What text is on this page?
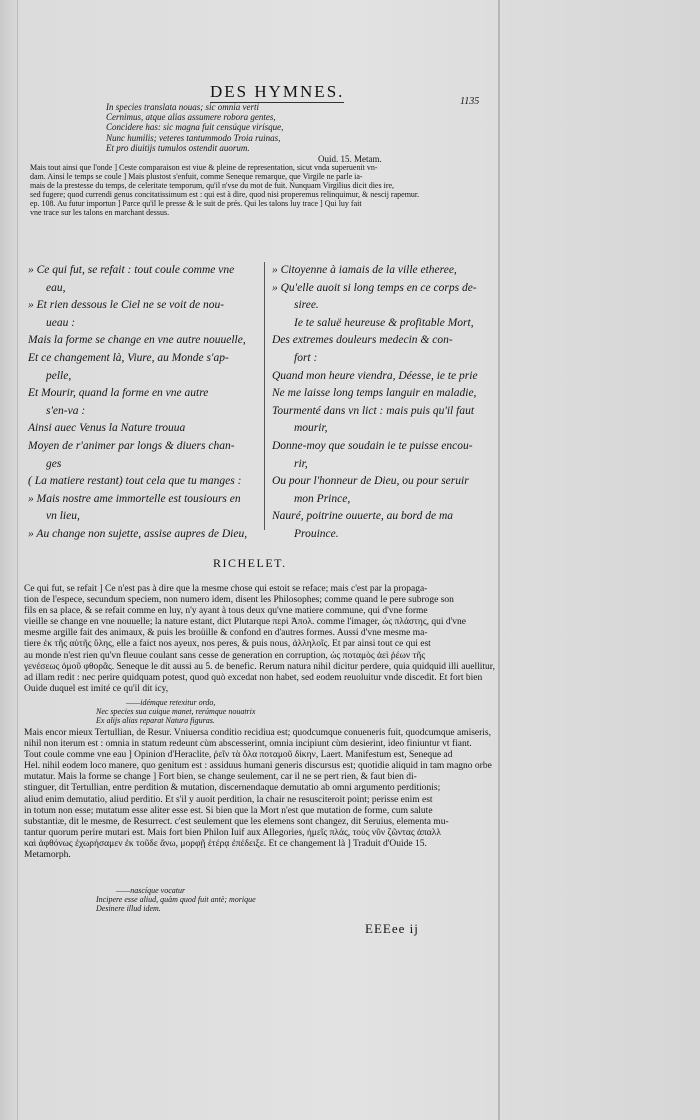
DES HYMNES.
1135
In species translata nouas; sic omnia verti
Cernimus, atque alias assumere robora gentes,
Concidere has: sic magna fuit censúque virísque,
Nunc humilis; veteres tantummodo Troia ruinas,
Et pro diuitijs tumulos ostendit auorum.
Ouid. 15. Metam.
Mais tout ainsi que l'onde ] Ceste comparaison est viue & pleine de representation, sicut vnda superuenit vn-
dam. Ainsi le temps se coule ] Mais plustost s'enfuit, comme Seneque remarque, que Virgile ne parle ia-
mais de la prestesse du temps, de celeritate temporum, qu'il n'vse du mot de fuit. Nunquam Virgilius dicit dies ire,
sed fugere; quod currendi genus concitatissimum est : qui est à dire, quod nisi properemus relinquimur, & nescij rapemur.
ep. 108. Au futur importun ] Parce qu'il le presse & le suit de prés. Qui les talons luy trace ] Qui luy fait
vne trace sur les talons en marchant dessus.
» Ce qui fut, se refait : tout coule comme vne
eau,
» Et rien dessous le Ciel ne se voit de nou-
ueau :
Mais la forme se change en vne autre nouuelle,
Et ce changement là, Viure, au Monde s'ap-
pelle,
Et Mourir, quand la forme en vne autre
s'en-va :
Ainsi auec Venus la Nature trouua
Moyen de r'animer par longs & diuers chan-
ges
( La matiere restant) tout cela que tu manges :
» Mais nostre ame immortelle est tousiours en
vn lieu,
» Au change non sujette, assise aupres de Dieu,
» Citoyenne à iamais de la ville etheree,
» Qu'elle auoit si long temps en ce corps de-
siree.
Ie te saluë heureuse & profitable Mort,
Des extremes douleurs medecin & con-
fort :
Quand mon heure viendra, Déesse, ie te prie
Ne me laisse long temps languir en maladie,
Tourmenté dans vn lict : mais puis qu'il faut
mourir,
Donne-moy que soudain ie te puisse encou-
rir,
Ou pour l'honneur de Dieu, ou pour seruir
mon Prince,
Nauré, poitrine ouuerte, au bord de ma
Prouince.
RICHELET.
Ce qui fut, se refait ] Ce n'est pas à dire que la mesme chose qui estoit se reface; mais c'est par la propaga-
tion de l'espece, secundum speciem, non numero idem, disent les Philosophes; comme quand le pere subroge son
fils en sa place, & se refait comme en luy, n'y ayant à tous deux qu'vne matiere commune, qui d'vne forme
vieille se change en vne nouuelle; la nature estant, dict Plutarque περὶ Ἀπολ. comme l'imager, ὡς πλάστης, qui d'vne
mesme argille fait des animaux, & puis les broüille & confond en d'autres formes. Aussi d'vne mesme ma-
tiere ἐκ τῆς αὐτῆς ὕλης, elle a faict nos ayeux, nos peres, & puis nous, ἀλληλοῖς. Et par ainsi tout ce qui est
au monde n'est rien qu'vn fleuue coulant sans cesse de generation en corruption, ὡς ποταμὸς ἀεὶ ῥέων τῆς
γενέσεως ὁμοῦ φθορᾶς. Seneque le dit aussi au 5. de benefic. Rerum natura nihil dicitur perdere, quia quidquid illi auellitur,
ad illam redit : nec perire quidquam potest, quod quò excedat non habet, sed eodem reuoluitur vnde discedit. Et fort bien
Ouide duquel est imité ce qu'il dit icy,
——idémque retexitur ordo,
Nec species sua cuique manet, rerúmque nouatrix
Ex alijs alias reparat Natura figuras.
Mais encor mieux Tertullian, de Resur. Vniuersa conditio recidiua est; quodcumque conueneris fuit, quodcumque amiseris,
nihil non iterum est : omnia in statum redeunt cùm abscesserint, omnia incipiunt cùm desierint, ideo finiuntur vt fiant.
Tout coule comme vne eau ] Opinion d'Heraclite, ῥεῖν τὰ ὅλα ποταμοῦ δίκην, Laert. Manifestum est, Seneque ad
Hel. nihil eodem loco manere, quo genitum est : assiduus humani generis discursus est; quotidie aliquid in tam magno orbe
mutatur. Mais la forme se change ] Fort bien, se change seulement, car il ne se pert rien, & faut bien di-
stinguer, dit Tertullian, entre perdition & mutation, discernendaque demutatio ab omni argumento perditionis;
aliud enim demutatio, aliud perditio. Et s'il y auoit perdition, la chair ne resusciteroit point; perisse enim est
in totum non esse; mutatum esse aliter esse est. Si bien que la Mort n'est que mutation de forme, cum salute
substantiæ, dit le mesme, de Resurrect. c'est seulement que les elemens sont changez, dit Seruius, elementa mu-
tantur quorum perire mutari est. Mais fort bien Philon Iuif aux Allegories, ἡμεῖς πλάς, τοὺς νῦν ζῶντας ἀπαλλ
καὶ ἀφθόνως ἐχωρήσαμεν ἐκ τοῦδε ἄνω, μορφῇ ἑτέρᾳ ἐπέδειξε. Et ce changement là ] Traduit d'Ouide 15.
Metamorph.
——nascíque vocatur
Incipere esse aliud, quàm quod fuit antè; morique
Desinere illud idem.
EEEee ij
